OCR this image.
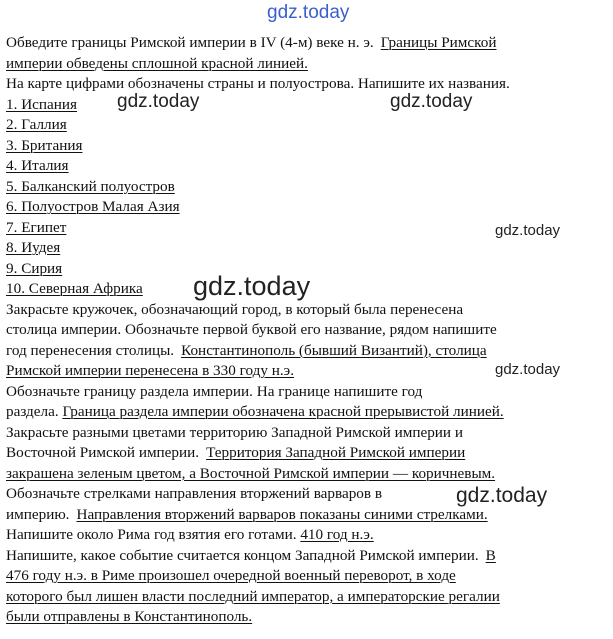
gdz.today
Обведите границы Римской империи в IV (4-м) веке н. э. Границы Римской
империи обведены сплошной красной линией.
На карте цифрами обозначены страны и полуострова. Напишите их названия.
1. Испания
2. Галлия
3. Британия
4. Италия
5. Балканский полуостров
6. Полуостров Малая Азия
7. Египет
8. Иудея
9. Сирия
10. Северная Африка
Закрасьте кружочек, обозначающий город, в который была перенесена
столица империи. Обозначьте первой буквой его название, рядом напишите
год перенесения столицы. Константинополь (бывший Византий), столица
Римской империи перенесена в 330 году н.э.
Обозначьте границу раздела империи. На границе напишите год
раздела. Граница раздела империи обозначена красной прерывистой линией.
Закрасьте разными цветами территорию Западной Римской империи и
Восточной Римской империи. Территория Западной Римской империи
закрашена зеленым цветом, а Восточной Римской империи — коричневым.
Обозначьте стрелками направления вторжений варваров в
империю. Направления вторжений варваров показаны синими стрелками.
Напишите около Рима год взятия его готами. 410 год н.э.
Напишите, какое событие считается концом Западной Римской империи. В
476 году н.э. в Риме произошел очередной военный переворот, в ходе
которого был лишен власти последний император, а императорские регалии
были отправлены в Константинополь.
gdz.today	gdz.today
gdz.today
gdz.today
gdz.today
gdz.today
